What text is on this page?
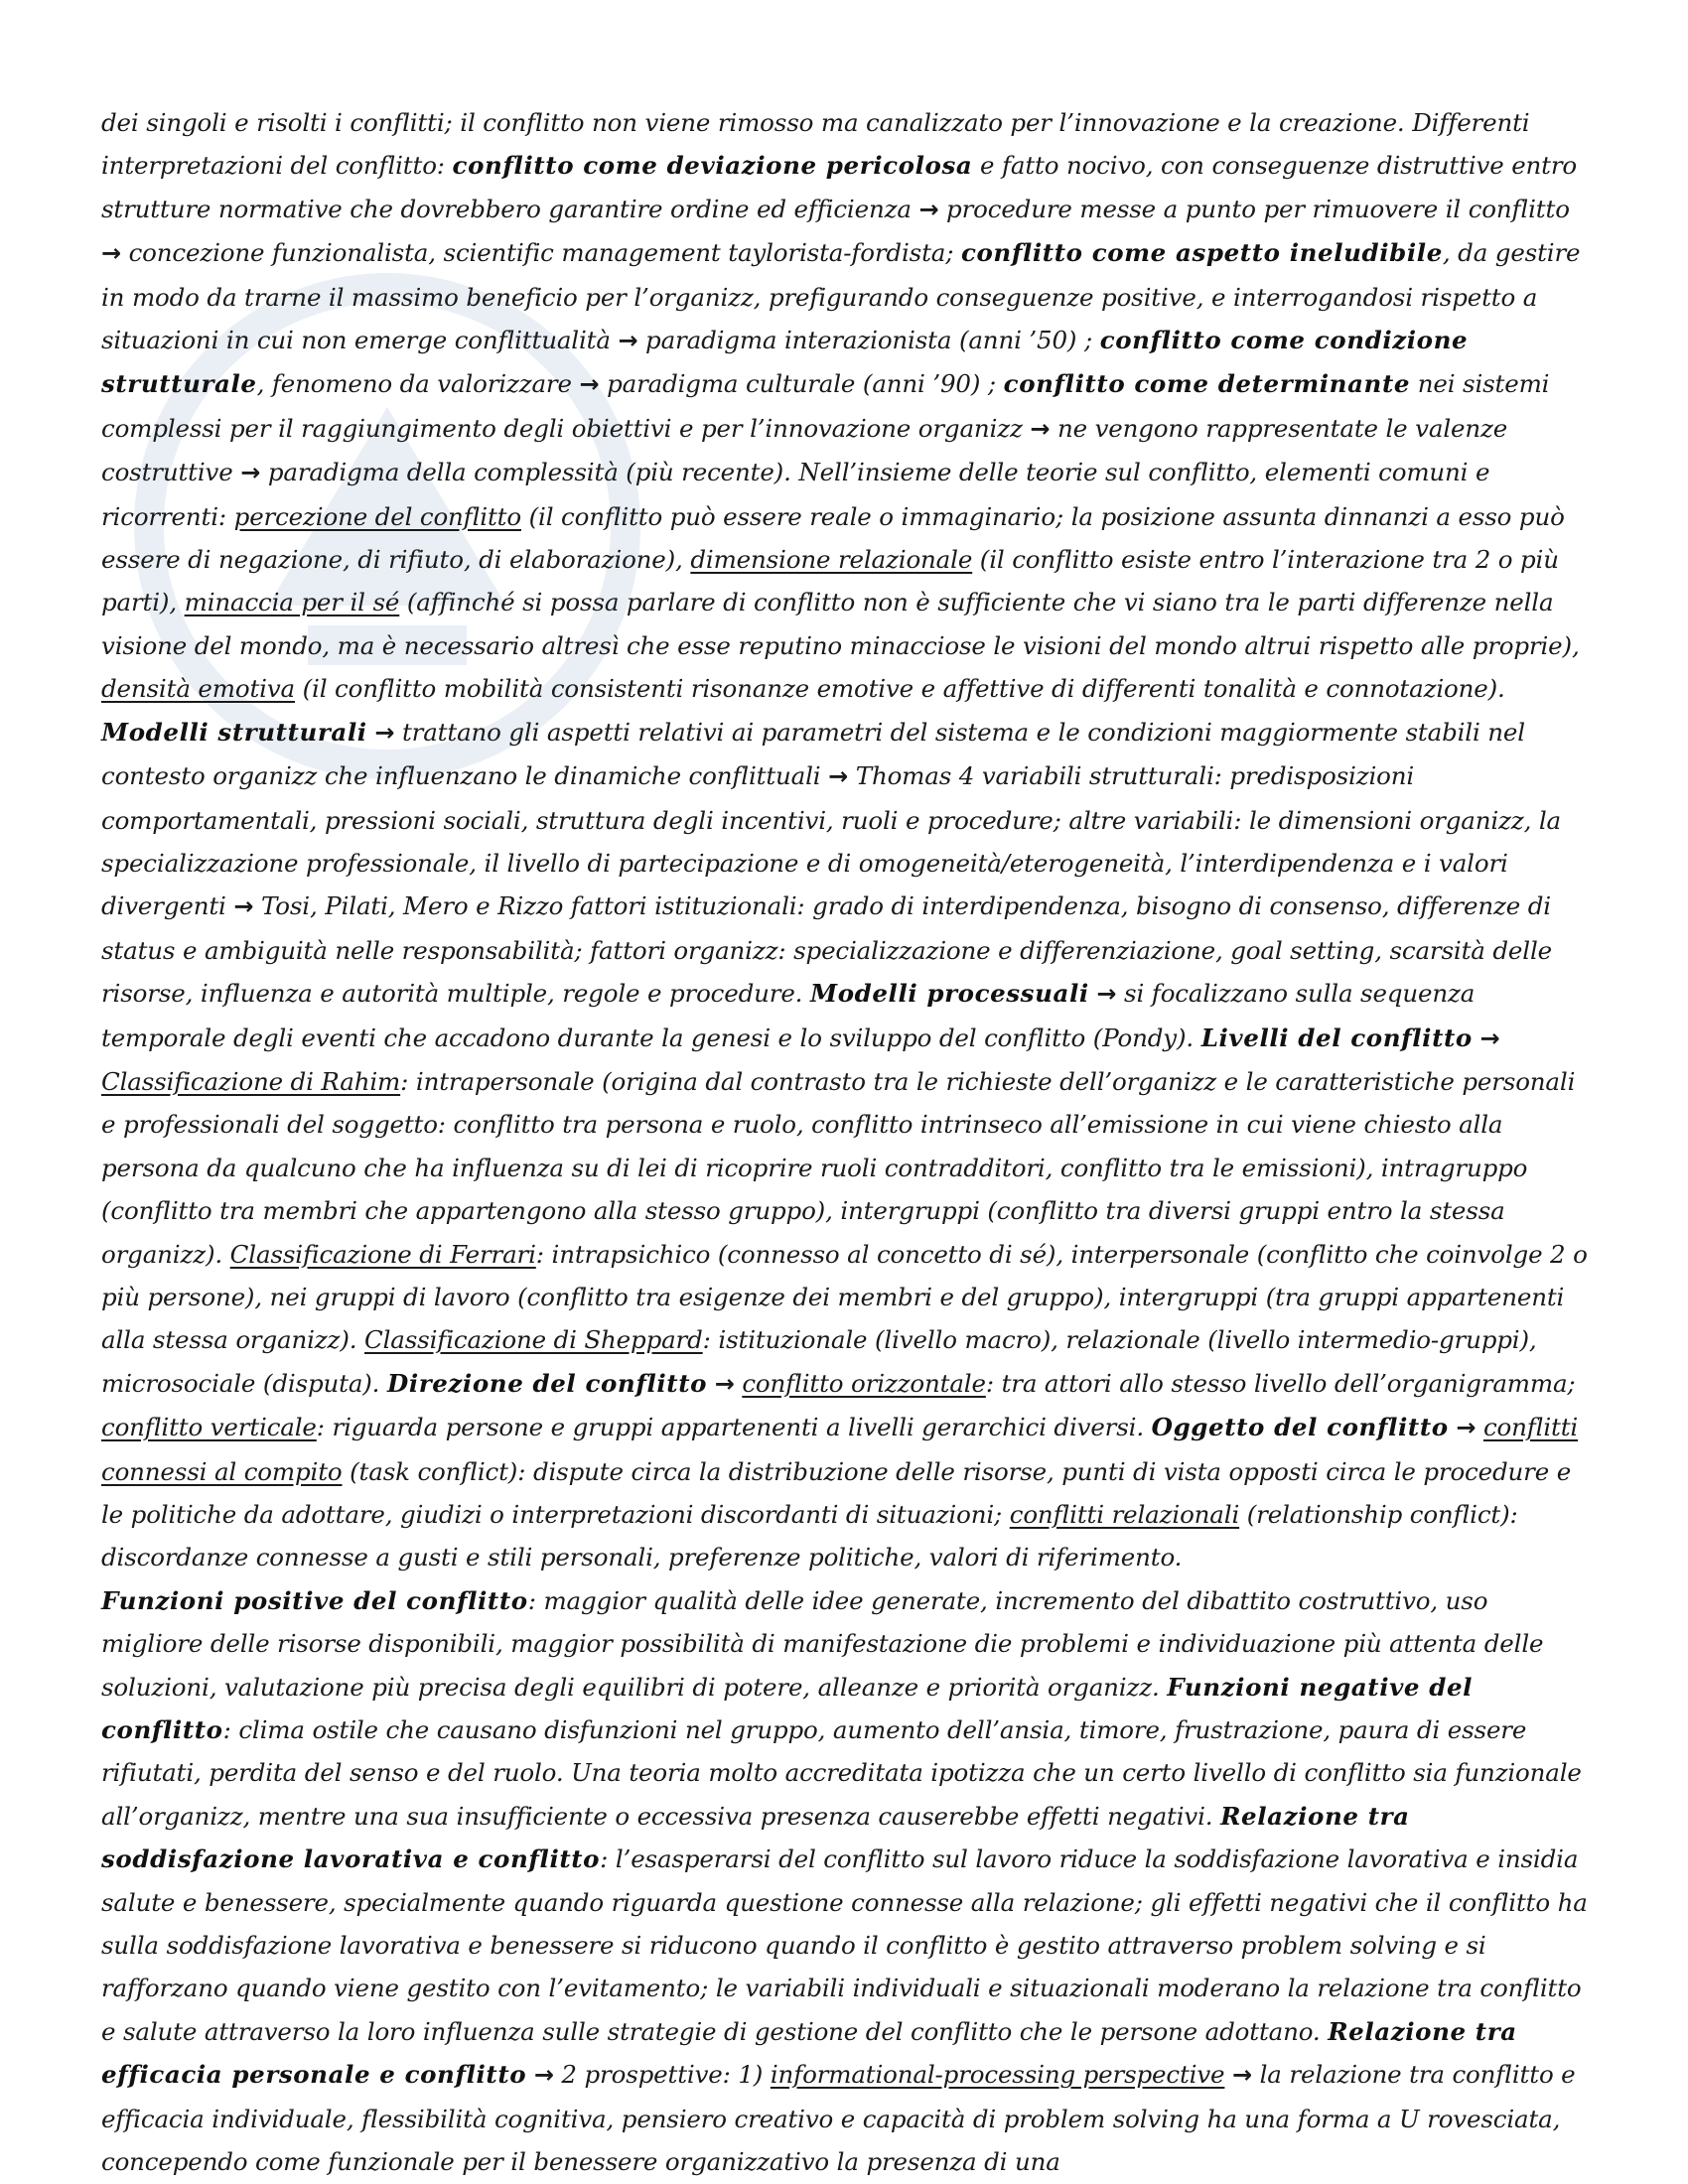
dei singoli e risolti i conflitti; il conflitto non viene rimosso ma canalizzato per l’innovazione e la creazione. Differenti interpretazioni del conflitto: conflitto come deviazione pericolosa e fatto nocivo, con conseguenze distruttive entro strutture normative che dovrebbero garantire ordine ed efficienza → procedure messe a punto per rimuovere il conflitto → concezione funzionalista, scientific management taylorista-fordista; conflitto come aspetto ineludibile, da gestire in modo da trarne il massimo beneficio per l’organizz, prefigurando conseguenze positive, e interrogandosi rispetto a situazioni in cui non emerge conflittualità → paradigma interazionista (anni ’50) ; conflitto come condizione strutturale, fenomeno da valorizzare → paradigma culturale (anni ’90) ; conflitto come determinante nei sistemi complessi per il raggiungimento degli obiettivi e per l’innovazione organizz → ne vengono rappresentate le valenze costruttive → paradigma della complessità (più recente). Nell’insieme delle teorie sul conflitto, elementi comuni e ricorrenti: percezione del conflitto (il conflitto può essere reale o immaginario; la posizione assunta dinnanzi a esso può essere di negazione, di rifiuto, di elaborazione), dimensione relazionale (il conflitto esiste entro l’interazione tra 2 o più parti), minaccia per il sé (affinché si possa parlare di conflitto non è sufficiente che vi siano tra le parti differenze nella visione del mondo, ma è necessario altresì che esse reputino minacciose le visioni del mondo altrui rispetto alle proprie), densità emotiva (il conflitto mobilità consistenti risonanze emotive e affettive di differenti tonalità e connotazione).

Modelli strutturali → trattano gli aspetti relativi ai parametri del sistema e le condizioni maggiormente stabili nel contesto organizz che influenzano le dinamiche conflittuali → Thomas 4 variabili strutturali: predisposizioni comportamentali, pressioni sociali, struttura degli incentivi, ruoli e procedure; altre variabili: le dimensioni organizz, la specializzazione professionale, il livello di partecipazione e di omogeneità/eterogeneità, l’interdipendenza e i valori divergenti → Tosi, Pilati, Mero e Rizzo fattori istituzionali: grado di interdipendenza, bisogno di consenso, differenze di status e ambiguità nelle responsabilità; fattori organizz: specializzazione e differenziazione, goal setting, scarsità delle risorse, influenza e autorità multiple, regole e procedure. Modelli processuali → si focalizzano sulla sequenza temporale degli eventi che accadono durante la genesi e lo sviluppo del conflitto (Pondy). Livelli del conflitto → Classificazione di Rahim: intrapersonale (origina dal contrasto tra le richieste dell’organizz e le caratteristiche personali e professionali del soggetto: conflitto tra persona e ruolo, conflitto intrinseco all’emissione in cui viene chiesto alla persona da qualcuno che ha influenza su di lei di ricoprire ruoli contradditori, conflitto tra le emissioni), intragruppo (conflitto tra membri che appartengono alla stesso gruppo), intergruppi (conflitto tra diversi gruppi entro la stessa organizz). Classificazione di Ferrari: intrapsichico (connesso al concetto di sé), interpersonale (conflitto che coinvolge 2 o più persone), nei gruppi di lavoro (conflitto tra esigenze dei membri e del gruppo), intergruppi (tra gruppi appartenenti alla stessa organizz). Classificazione di Sheppard: istituzionale (livello macro), relazionale (livello intermedio-gruppi), microsociale (disputa). Direzione del conflitto → conflitto orizzontale: tra attori allo stesso livello dell’organigramma; conflitto verticale: riguarda persone e gruppi appartenenti a livelli gerarchici diversi. Oggetto del conflitto → conflitti connessi al compito (task conflict): dispute circa la distribuzione delle risorse, punti di vista opposti circa le procedure e le politiche da adottare, giudizi o interpretazioni discordanti di situazioni; conflitti relazionali (relationship conflict): discordanze connesse a gusti e stili personali, preferenze politiche, valori di riferimento.

Funzioni positive del conflitto: maggior qualità delle idee generate, incremento del dibattito costruttivo, uso migliore delle risorse disponibili, maggior possibilità di manifestazione die problemi e individuazione più attenta delle soluzioni, valutazione più precisa degli equilibri di potere, alleanze e priorità organizz. Funzioni negative del conflitto: clima ostile che causano disfunzioni nel gruppo, aumento dell’ansia, timore, frustrazione, paura di essere rifiutati, perdita del senso e del ruolo. Una teoria molto accreditata ipotizza che un certo livello di conflitto sia funzionale all’organizz, mentre una sua insufficiente o eccessiva presenza causerebbe effetti negativi. Relazione tra soddisfazione lavorativa e conflitto: l’esasperarsi del conflitto sul lavoro riduce la soddisfazione lavorativa e insidia salute e benessere, specialmente quando riguarda questione connesse alla relazione; gli effetti negativi che il conflitto ha sulla soddisfazione lavorativa e benessere si riducono quando il conflitto è gestito attraverso problem solving e si rafforzano quando viene gestito con l’evitamento; le variabili individuali e situazionali moderano la relazione tra conflitto e salute attraverso la loro influenza sulle strategie di gestione del conflitto che le persone adottano. Relazione tra efficacia personale e conflitto → 2 prospettive: 1) informational-processing perspective → la relazione tra conflitto e efficacia individuale, flessibilità cognitiva, pensiero creativo e capacità di problem solving ha una forma a U rovesciata, concependo come funzionale per il benessere organizzativo la presenza di una
